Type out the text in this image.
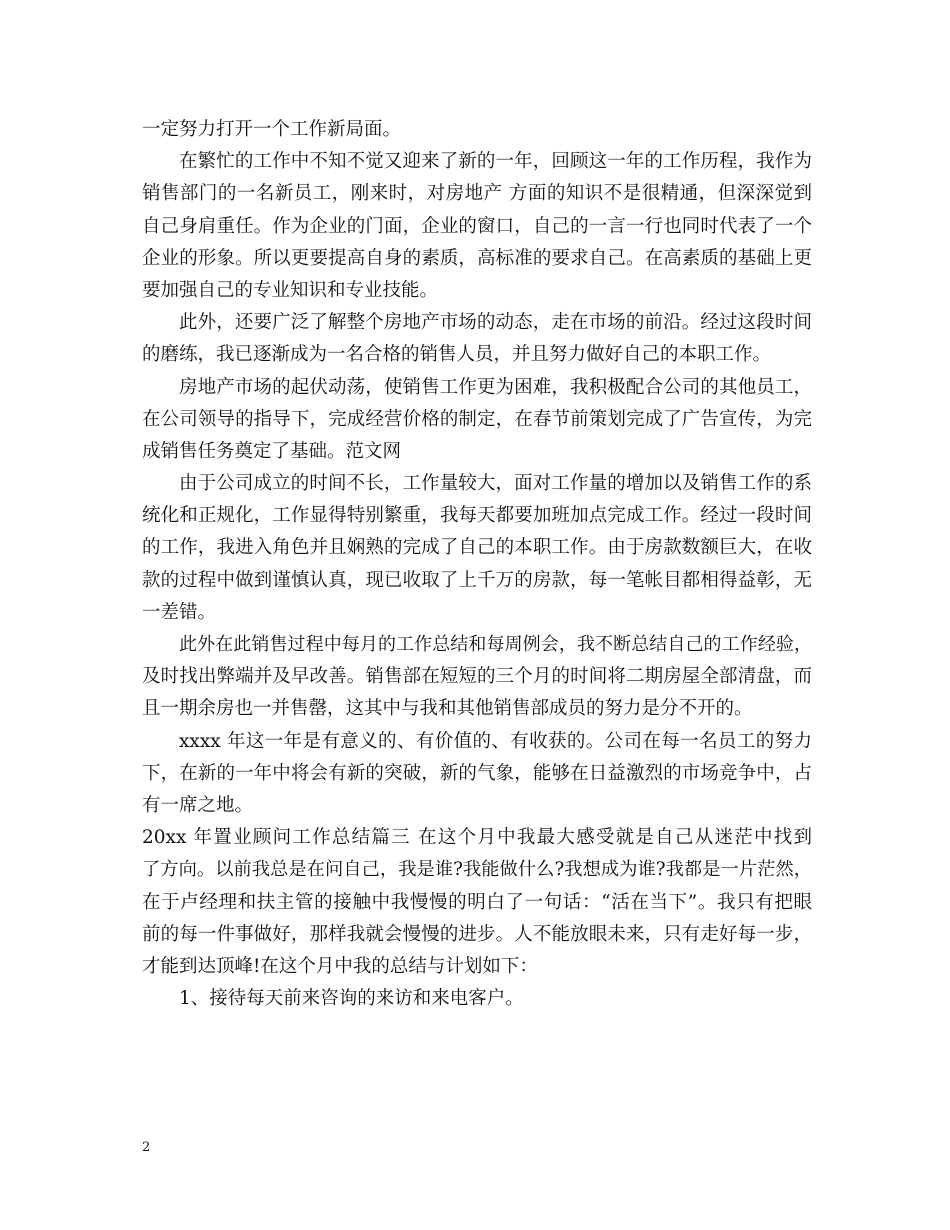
一定努力打开一个工作新局面。
在繁忙的工作中不知不觉又迎来了新的一年，回顾这一年的工作历程，我作为
销售部门的一名新员工，刚来时，对房地产 方面的知识不是很精通，但深深觉到
自己身肩重任。作为企业的门面，企业的窗口，自己的一言一行也同时代表了一个
企业的形象。所以更要提高自身的素质，高标准的要求自己。在高素质的基础上更
要加强自己的专业知识和专业技能。
此外，还要广泛了解整个房地产市场的动态，走在市场的前沿。经过这段时间
的磨练，我已逐渐成为一名合格的销售人员，并且努力做好自己的本职工作。
房地产市场的起伏动荡，使销售工作更为困难，我积极配合公司的其他员工，
在公司领导的指导下，完成经营价格的制定，在春节前策划完成了广告宣传，为完
成销售任务奠定了基础。范文网
由于公司成立的时间不长，工作量较大，面对工作量的增加以及销售工作的系
统化和正规化，工作显得特别繁重，我每天都要加班加点完成工作。经过一段时间
的工作，我进入角色并且娴熟的完成了自己的本职工作。由于房款数额巨大，在收
款的过程中做到谨慎认真，现已收取了上千万的房款，每一笔帐目都相得益彰，无
一差错。
此外在此销售过程中每月的工作总结和每周例会，我不断总结自己的工作经验，
及时找出弊端并及早改善。销售部在短短的三个月的时间将二期房屋全部清盘，而
且一期余房也一并售罄，这其中与我和其他销售部成员的努力是分不开的。
xxxx 年这一年是有意义的、有价值的、有收获的。公司在每一名员工的努力
下，在新的一年中将会有新的突破，新的气象，能够在日益激烈的市场竞争中，占
有一席之地。
20xx 年置业顾问工作总结篇三 在这个月中我最大感受就是自己从迷茫中找到
了方向。以前我总是在问自己，我是谁?我能做什么?我想成为谁?我都是一片茫然，
在于卢经理和扶主管的接触中我慢慢的明白了一句话：“活在当下”。我只有把眼
前的每一件事做好，那样我就会慢慢的进步。人不能放眼未来，只有走好每一步，
才能到达顶峰!在这个月中我的总结与计划如下：
1、接待每天前来咨询的来访和来电客户。
2
